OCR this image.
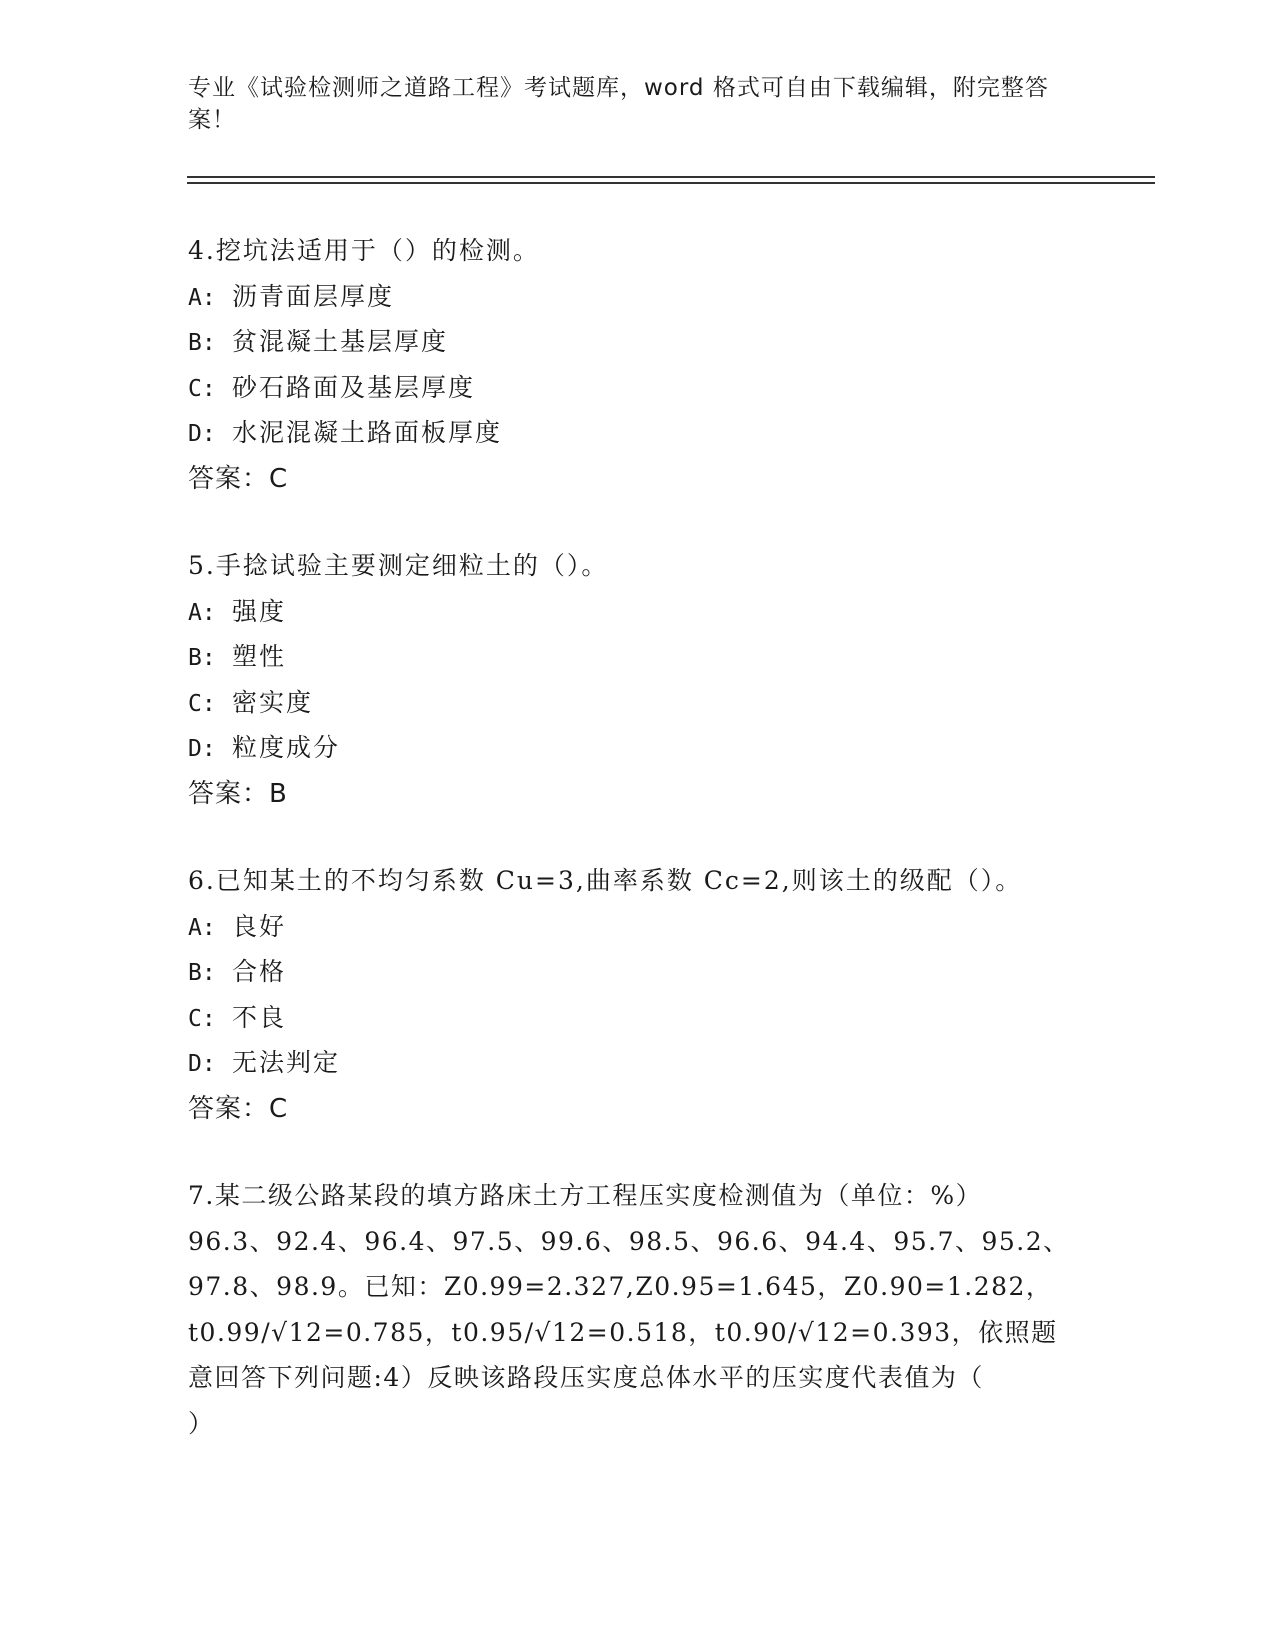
专业《试验检测师之道路工程》考试题库，word 格式可自由下载编辑，附完整答
案！
4.挖坑法适用于（）的检测。
A: 沥青面层厚度
B: 贫混凝土基层厚度
C: 砂石路面及基层厚度
D: 水泥混凝土路面板厚度
答案：C
5.手捻试验主要测定细粒土的（）。
A: 强度
B: 塑性
C: 密实度
D: 粒度成分
答案：B
6.已知某土的不均匀系数 Cu=3,曲率系数 Cc=2,则该土的级配（）。
A: 良好
B: 合格
C: 不良
D: 无法判定
答案：C
7.某二级公路某段的填方路床土方工程压实度检测值为（单位：%）
96.3、92.4、96.4、97.5、99.6、98.5、96.6、94.4、95.7、95.2、
97.8、98.9。已知：Z0.99=2.327,Z0.95=1.645，Z0.90=1.282，
t0.99/√12=0.785，t0.95/√12=0.518，t0.90/√12=0.393，依照题
意回答下列问题:4）反映该路段压实度总体水平的压实度代表值为（
）
